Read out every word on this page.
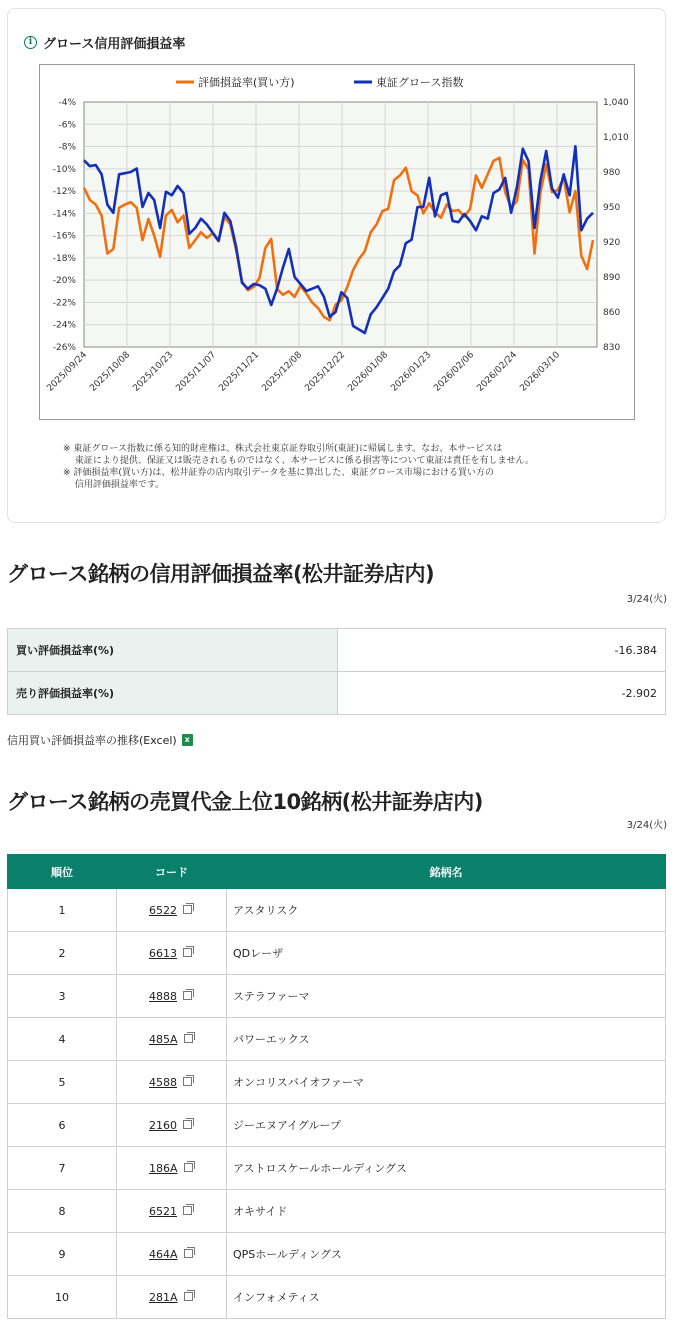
i グロース信用評価損益率
-4%
-6%
-8%
-10%
-12%
-14%
-16%
-18%
-20%
-22%
-24%
-26%
1,040
1,010
980
950
920
890
860
830
2025/09/24 2025/10/08 2025/10/23 2025/11/07 2025/11/21 2025/12/08 2025/12/22 2026/01/08 2026/01/23 2026/02/06 2026/02/24 2026/03/10
評価損益率(買い方)	東証グロース指数

※ 東証グロース指数に係る知的財産権は、株式会社東京証券取引所(東証)に帰属します。なお、本サービスは

　 東証により提供、保証又は販売されるものではなく、本サービスに係る損害等について東証は責任を有しません。

※ 評価損益率(買い方)は、松井証券の店内取引データを基に算出した、東証グロース市場における買い方の

　 信用評価損益率です。

グロース銘柄の信用評価損益率(松井証券店内)
3/24(火)
買い評価損益率(%)	-16.384
売り評価損益率(%)	-2.902
信用買い評価損益率の推移(Excel) x
グロース銘柄の売買代金上位10銘柄(松井証券店内)
3/24(火)
順位	コード	銘柄名
1	6522	アスタリスク
2	6613	QDレーザ
3	4888	ステラファーマ
4	485A	パワーエックス
5	4588	オンコリスバイオファーマ
6	2160	ジーエヌアイグループ
7	186A	アストロスケールホールディングス
8	6521	オキサイド
9	464A	QPSホールディングス
10	281A	インフォメティス
